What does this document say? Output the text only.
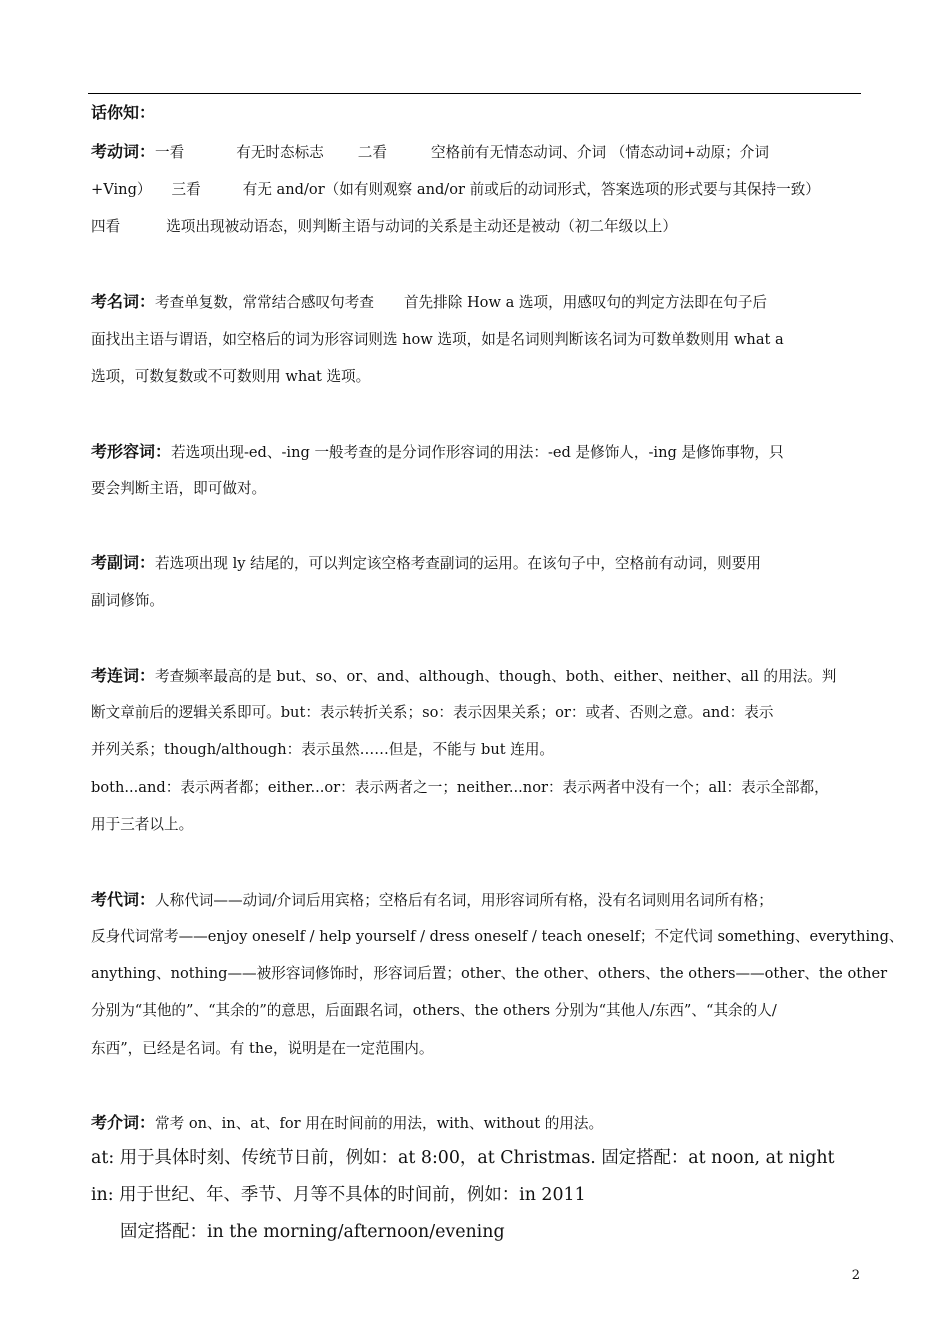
话你知：
考动词：一看	有无时态标志 二看	空格前有无情态动词、介词 （情态动词+动原；介词
+Ving） 三看	有无 and/or（如有则观察 and/or 前或后的动词形式，答案选项的形式要与其保持一致）
四看	选项出现被动语态，则判断主语与动词的关系是主动还是被动（初二年级以上）
考名词：考查单复数，常常结合感叹句考查 首先排除 How a 选项，用感叹句的判定方法即在句子后
面找出主语与谓语，如空格后的词为形容词则选 how 选项，如是名词则判断该名词为可数单数则用 what a
选项，可数复数或不可数则用 what 选项。
考形容词：若选项出现-ed、-ing 一般考查的是分词作形容词的用法：-ed 是修饰人，-ing 是修饰事物，只
要会判断主语，即可做对。
考副词：若选项出现 ly 结尾的，可以判定该空格考查副词的运用。在该句子中，空格前有动词，则要用
副词修饰。
考连词：考查频率最高的是 but、so、or、and、although、though、both、either、neither、all 的用法。判
断文章前后的逻辑关系即可。but：表示转折关系；so：表示因果关系；or：或者、否则之意。and：表示
并列关系；though/although：表示虽然……但是，不能与 but 连用。
both...and：表示两者都；either...or：表示两者之一；neither...nor：表示两者中没有一个；all：表示全部都，
用于三者以上。
考代词：人称代词——动词/介词后用宾格；空格后有名词，用形容词所有格，没有名词则用名词所有格；
反身代词常考——enjoy oneself / help yourself / dress oneself / teach oneself；不定代词 something、everything、
anything、nothing——被形容词修饰时，形容词后置；other、the other、others、the others——other、the other
分别为“其他的”、“其余的”的意思，后面跟名词，others、the others 分别为“其他人/东西”、“其余的人/
东西”，已经是名词。有 the，说明是在一定范围内。
考介词：常考 on、in、at、for 用在时间前的用法，with、without 的用法。
at: 用于具体时刻、传统节日前，例如：at 8:00，at Christmas. 固定搭配：at noon, at night
in: 用于世纪、年、季节、月等不具体的时间前，例如：in 2011
固定搭配：in the morning/afternoon/evening
2
